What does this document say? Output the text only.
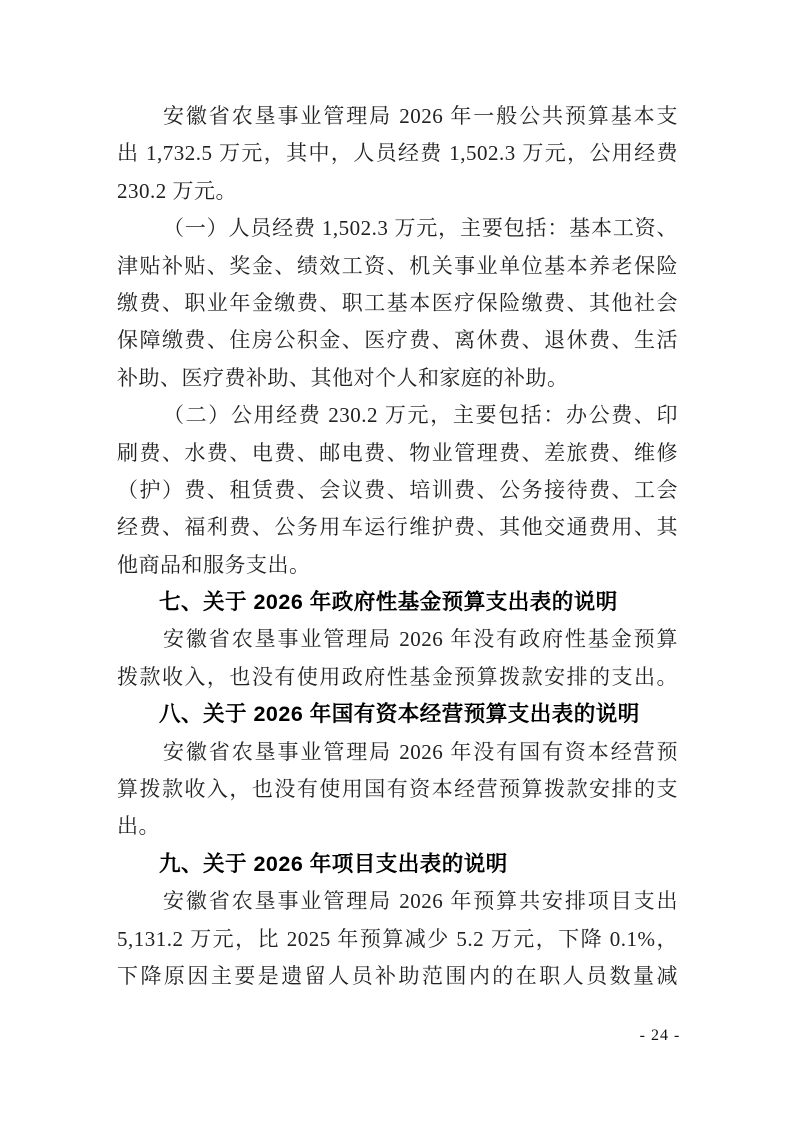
安徽省农垦事业管理局 2026 年一般公共预算基本支
出 1,732.5 万元，其中，人员经费 1,502.3 万元，公用经费
230.2 万元。
（一）人员经费 1,502.3 万元，主要包括：基本工资、
津贴补贴、奖金、绩效工资、机关事业单位基本养老保险
缴费、职业年金缴费、职工基本医疗保险缴费、其他社会
保障缴费、住房公积金、医疗费、离休费、退休费、生活
补助、医疗费补助、其他对个人和家庭的补助。
（二）公用经费 230.2 万元，主要包括：办公费、印
刷费、水费、电费、邮电费、物业管理费、差旅费、维修
（护）费、租赁费、会议费、培训费、公务接待费、工会
经费、福利费、公务用车运行维护费、其他交通费用、其
他商品和服务支出。
七、关于 2026 年政府性基金预算支出表的说明
安徽省农垦事业管理局 2026 年没有政府性基金预算
拨款收入，也没有使用政府性基金预算拨款安排的支出。
八、关于 2026 年国有资本经营预算支出表的说明
安徽省农垦事业管理局 2026 年没有国有资本经营预
算拨款收入，也没有使用国有资本经营预算拨款安排的支
出。
九、关于 2026 年项目支出表的说明
安徽省农垦事业管理局 2026 年预算共安排项目支出
5,131.2 万元，比 2025 年预算减少 5.2 万元，下降 0.1%，
下降原因主要是遗留人员补助范围内的在职人员数量减
- 24 -
